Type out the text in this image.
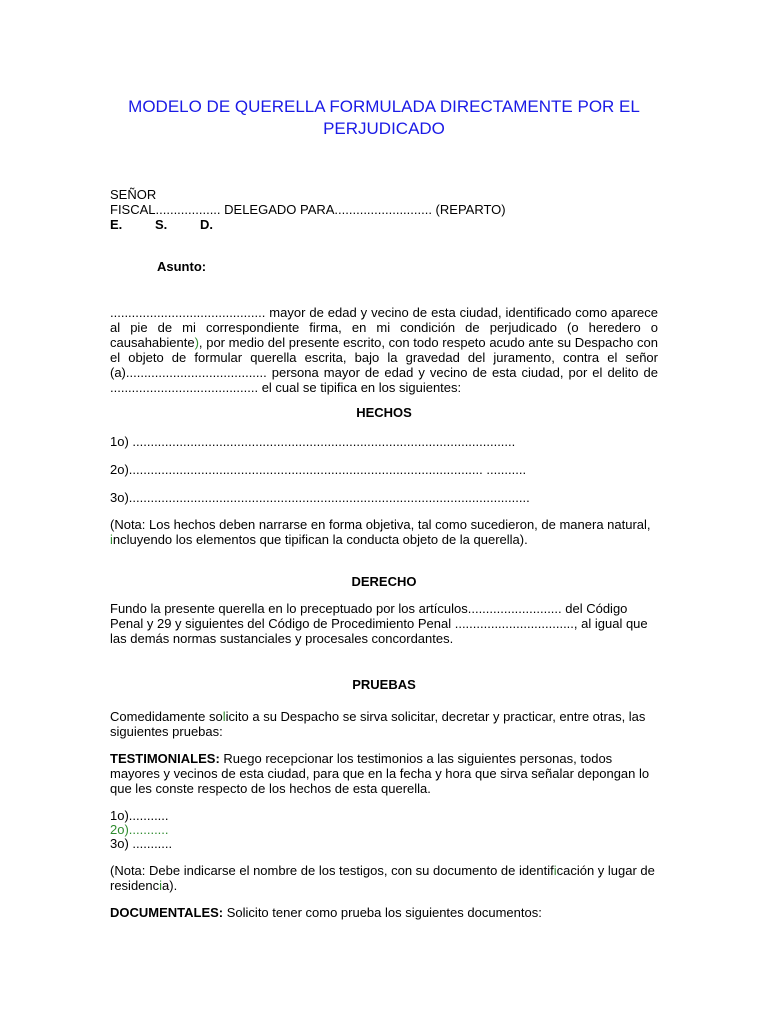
MODELO DE QUERELLA FORMULADA DIRECTAMENTE POR EL
PERJUDICADO
SEÑOR
FISCAL.................. DELEGADO PARA........................... (REPARTO)
E.	S.	D.
Asunto:

........................................... mayor de edad y vecino de esta ciudad, identificado como aparece al pie de mi correspondiente firma, en mi condición de perjudicado (o heredero o causahabiente), por medio del presente escrito, con todo respeto acudo ante su Despacho con el objeto de formular querella escrita, bajo la gravedad del juramento, contra el señor (a)....................................... persona mayor de edad y vecino de esta ciudad, por el delito de ......................................... el cual se tipifica en los siguientes:

HECHOS
1o) ..........................................................................................................
2o).................................................................................................. ...........
3o)...............................................................................................................

(Nota: Los hechos deben narrarse en forma objetiva, tal como sucedieron, de manera natural, incluyendo los elementos que tipifican la conducta objeto de la querella).

DERECHO

Fundo la presente querella en lo preceptuado por los artículos.......................... del Código Penal y 29 y siguientes del Código de Procedimiento Penal ................................., al igual que las demás normas sustanciales y procesales concordantes.

PRUEBAS

Comedidamente solicito a su Despacho se sirva solicitar, decretar y practicar, entre otras, las siguientes pruebas:

TESTIMONIALES: Ruego recepcionar los testimonios a las siguientes personas, todos mayores y vecinos de esta ciudad, para que en la fecha y hora que sirva señalar depongan lo que les conste respecto de los hechos de esta querella.

1o)...........
2o)...........
3o) ...........

(Nota: Debe indicarse el nombre de los testigos, con su documento de identificación y lugar de residencia).

DOCUMENTALES: Solicito tener como prueba los siguientes documentos:
